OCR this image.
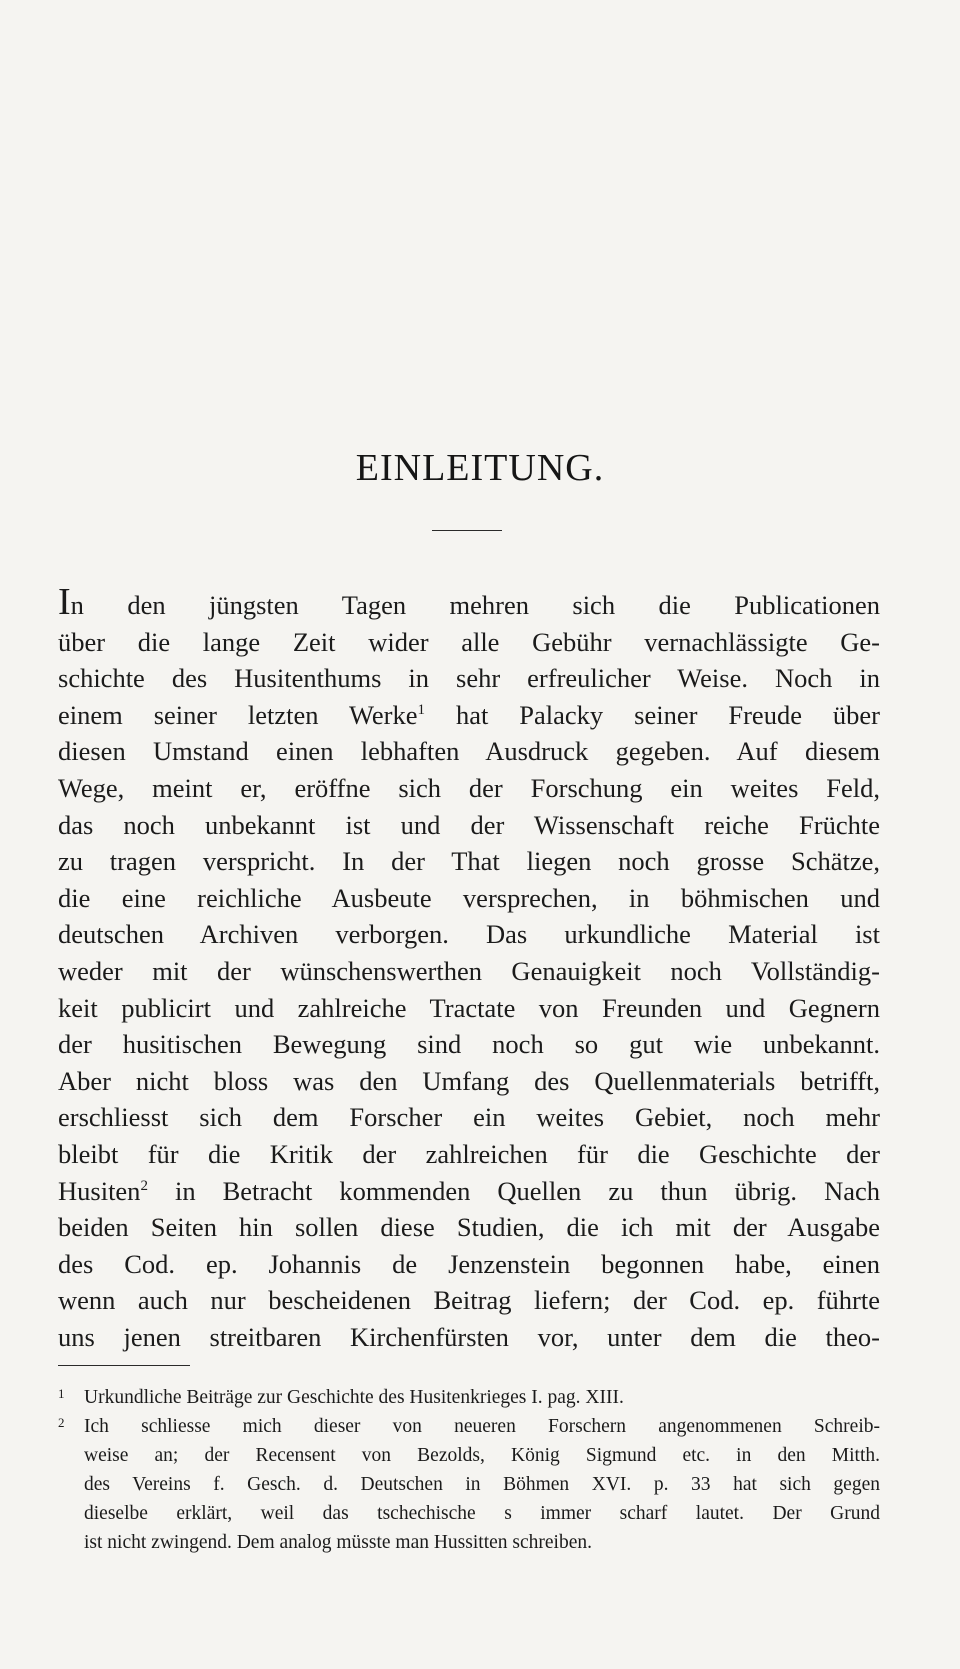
EINLEITUNG.
In den jüngsten Tagen mehren sich die Publicationen
über die lange Zeit wider alle Gebühr vernachlässigte Ge-
schichte des Husitenthums in sehr erfreulicher Weise. Noch in
einem seiner letzten Werke$^1$ hat Palacky seiner Freude über
diesen Umstand einen lebhaften Ausdruck gegeben. Auf diesem
Wege, meint er, eröffne sich der Forschung ein weites Feld,
das noch unbekannt ist und der Wissenschaft reiche Früchte
zu tragen verspricht. In der That liegen noch grosse Schätze,
die eine reichliche Ausbeute versprechen, in böhmischen und
deutschen Archiven verborgen. Das urkundliche Material ist
weder mit der wünschenswerthen Genauigkeit noch Vollständig-
keit publicirt und zahlreiche Tractate von Freunden und Gegnern
der husitischen Bewegung sind noch so gut wie unbekannt.
Aber nicht bloss was den Umfang des Quellenmaterials betrifft,
erschliesst sich dem Forscher ein weites Gebiet, noch mehr
bleibt für die Kritik der zahlreichen für die Geschichte der
Husiten$^2$ in Betracht kommenden Quellen zu thun übrig. Nach
beiden Seiten hin sollen diese Studien, die ich mit der Ausgabe
des Cod. ep. Johannis de Jenzenstein begonnen habe, einen
wenn auch nur bescheidenen Beitrag liefern; der Cod. ep. führte
uns jenen streitbaren Kirchenfürsten vor, unter dem die theo-
1 Urkundliche Beiträge zur Geschichte des Husitenkrieges I. pag. XIII.
2 Ich schliesse mich dieser von neueren Forschern angenommenen Schreib-
weise an; der Recensent von Bezolds, König Sigmund etc. in den Mitth.
des Vereins f. Gesch. d. Deutschen in Böhmen XVI. p. 33 hat sich gegen
dieselbe erklärt, weil das tschechische s immer scharf lautet. Der Grund
ist nicht zwingend. Dem analog müsste man Hussitten schreiben.
